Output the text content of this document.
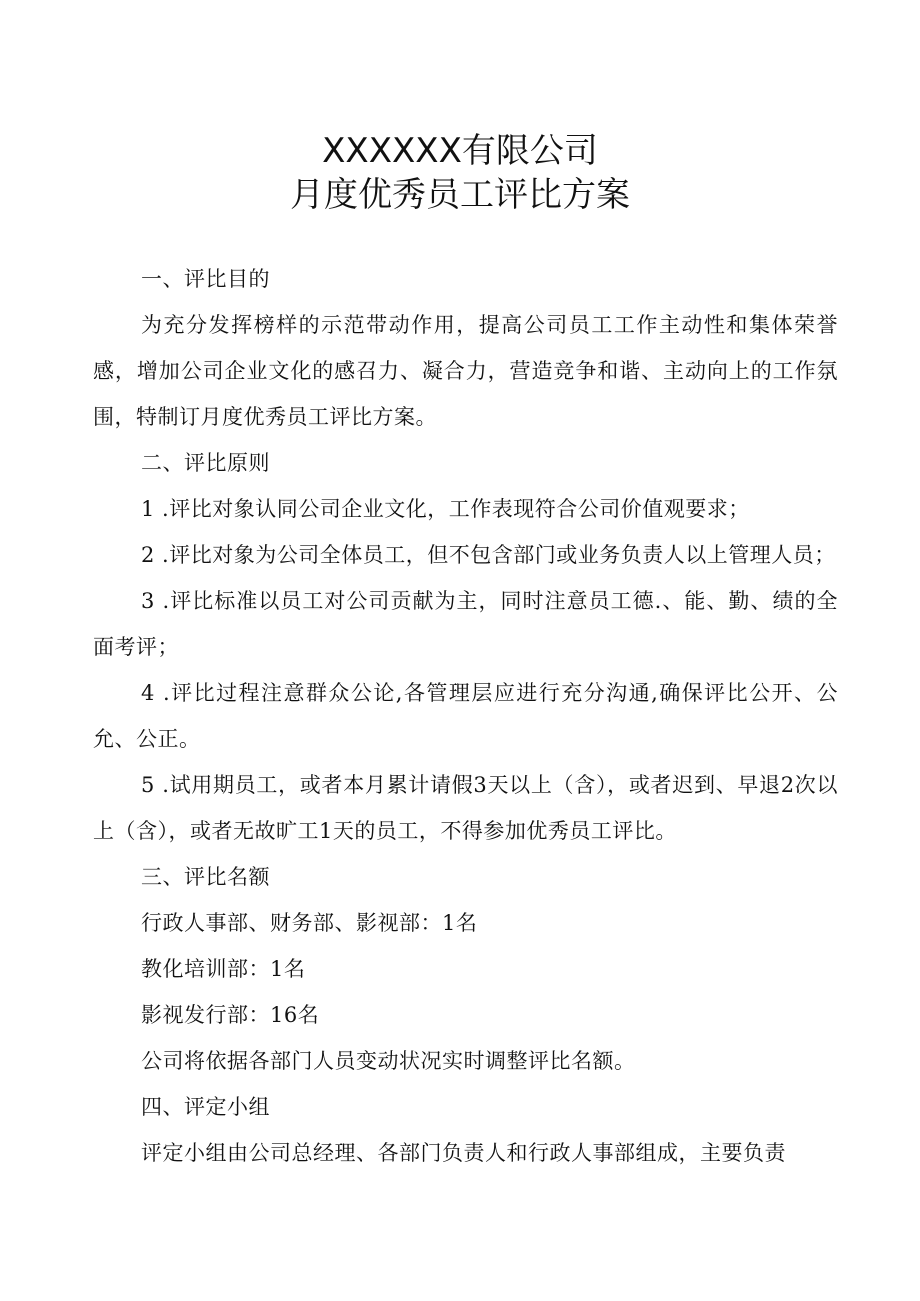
XXXXXX有限公司
月度优秀员工评比方案

一、评比目的

为充分发挥榜样的示范带动作用，提高公司员工工作主动性和集体荣誉感，增加公司企业文化的感召力、凝合力，营造竞争和谐、主动向上的工作氛围，特制订月度优秀员工评比方案。

二、评比原则

1 .评比对象认同公司企业文化，工作表现符合公司价值观要求；

2 .评比对象为公司全体员工，但不包含部门或业务负责人以上管理人员；

3 .评比标准以员工对公司贡献为主，同时注意员工德.、能、勤、绩的全面考评；

4 .评比过程注意群众公论,各管理层应进行充分沟通,确保评比公开、公允、公正。

5 .试用期员工，或者本月累计请假3天以上（含），或者迟到、早退2次以上（含），或者无故旷工1天的员工，不得参加优秀员工评比。

三、评比名额

行政人事部、财务部、影视部：1名

教化培训部：1名

影视发行部：16名

公司将依据各部门人员变动状况实时调整评比名额。

四、评定小组

评定小组由公司总经理、各部门负责人和行政人事部组成，主要负责
